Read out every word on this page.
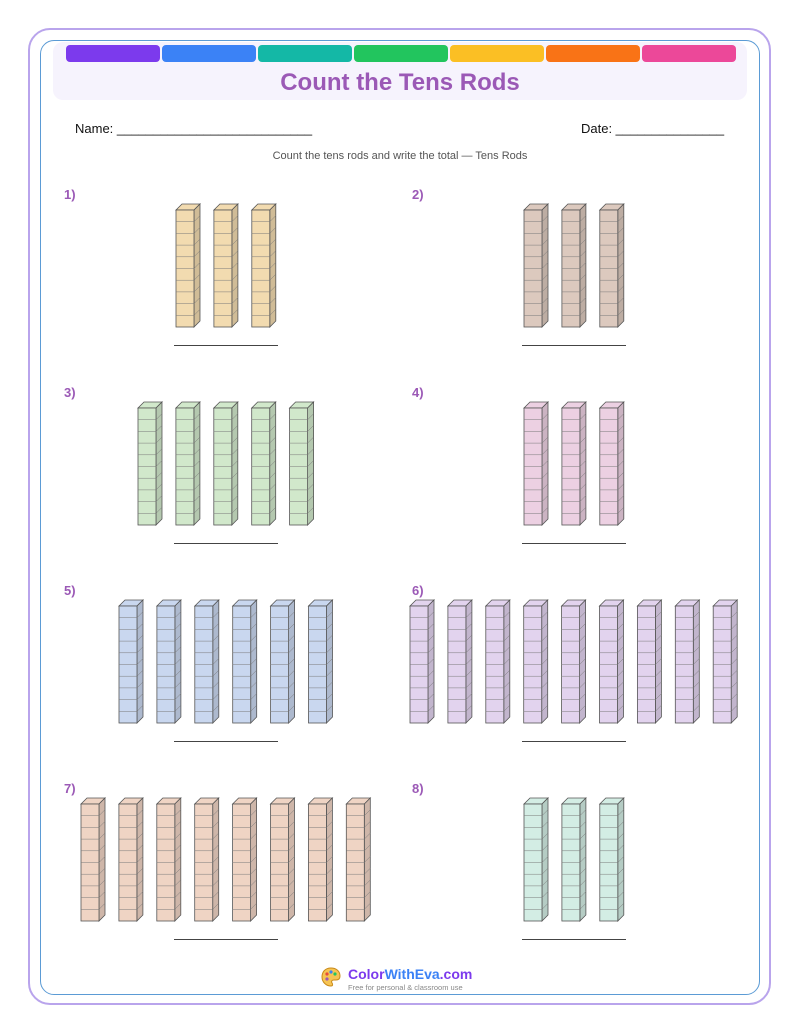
Count the Tens Rods
Name: ___________________________	Date: _______________
Count the tens rods and write the total — Tens Rods
1)	2)
3)	4)
5)	6)
7)	8)
ColorWithEva.com
Free for personal & classroom use
